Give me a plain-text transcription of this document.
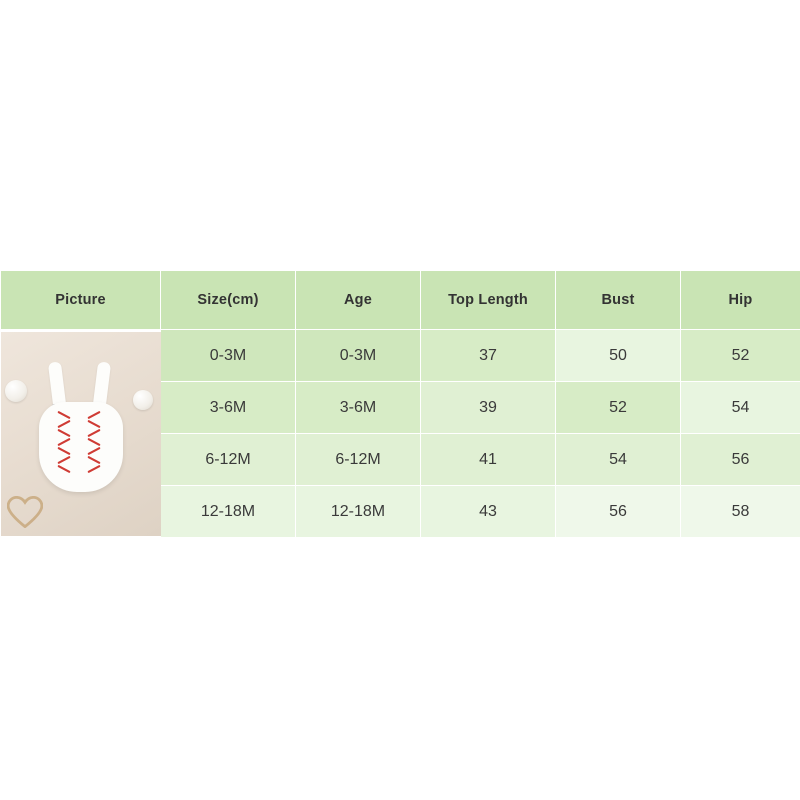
Picture	Size(cm)	Age	Top Length	Bust	Hip

	0-3M	0-3M	37	50	52
	3-6M	3-6M	39	52	54
	6-12M	6-12M	41	54	56
	12-18M	12-18M	43	56	58
